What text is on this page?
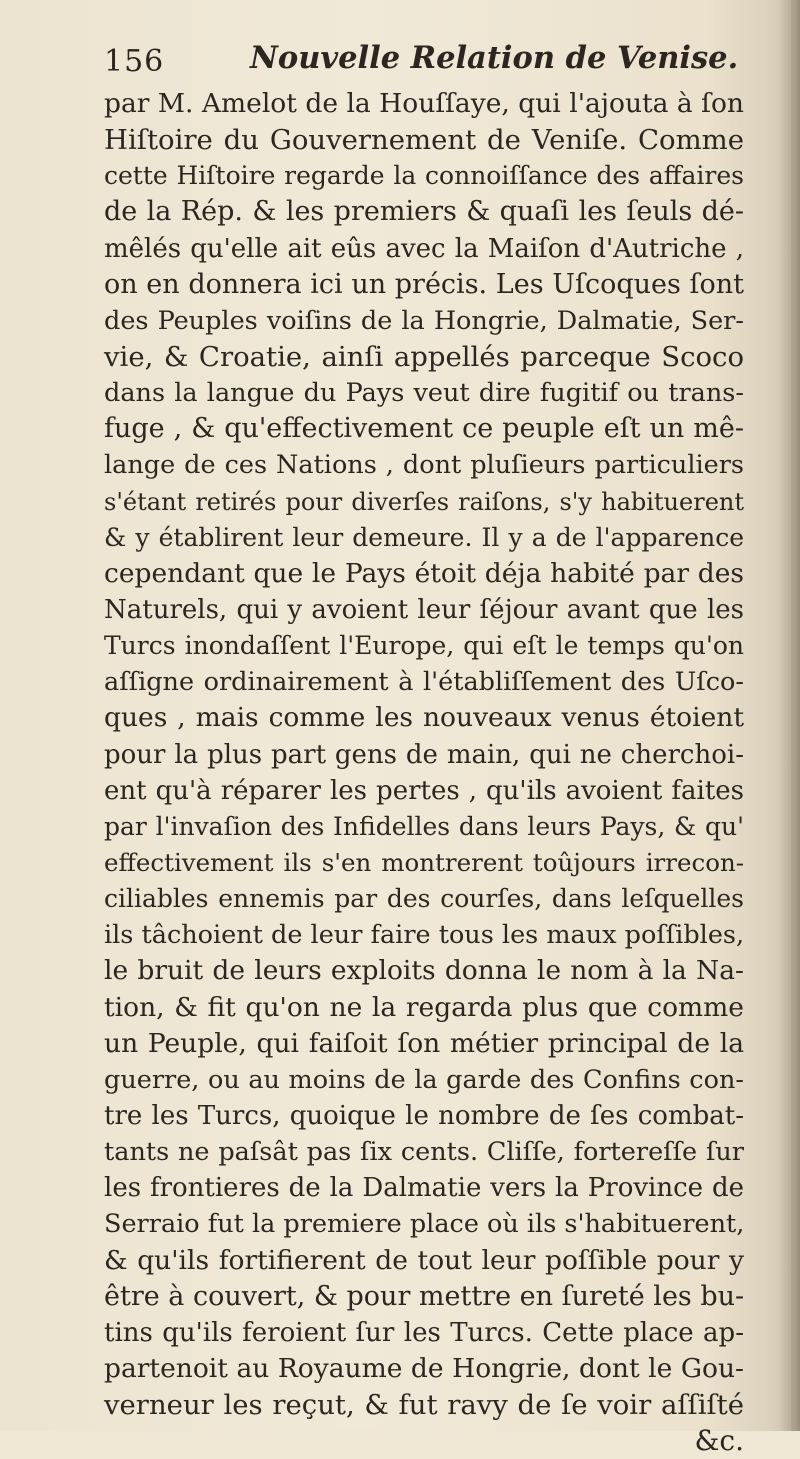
156	Nouvelle Relation de Venise.
par M. Amelot de la Houſſaye, qui l'ajouta à ſon
Hiſtoire du Gouvernement de Veniſe. Comme
cette Hiſtoire regarde la connoiſſance des affaires
de la Rép. & les premiers & quaſi les ſeuls dé-
mêlés qu'elle ait eûs avec la Maiſon d'Autriche ,
on en donnera ici un précis. Les Uſcoques ſont
des Peuples voiſins de la Hongrie, Dalmatie, Ser-
vie, & Croatie, ainſi appellés parceque Scoco
dans la langue du Pays veut dire fugitif ou trans-
fuge , & qu'effectivement ce peuple eſt un mê-
lange de ces Nations , dont pluſieurs particuliers
s'étant retirés pour diverſes raiſons, s'y habituerent
& y établirent leur demeure. Il y a de l'apparence
cependant que le Pays étoit déja habité par des
Naturels, qui y avoient leur ſéjour avant que les
Turcs inondaſſent l'Europe, qui eſt le temps qu'on
aſſigne ordinairement à l'établiſſement des Uſco-
ques , mais comme les nouveaux venus étoient
pour la plus part gens de main, qui ne cherchoi-
ent qu'à réparer les pertes , qu'ils avoient faites
par l'invaſion des Infidelles dans leurs Pays, & qu'
effectivement ils s'en montrerent toûjours irrecon-
ciliables ennemis par des courſes, dans leſquelles
ils tâchoient de leur faire tous les maux poſſibles,
le bruit de leurs exploits donna le nom à la Na-
tion, & fit qu'on ne la regarda plus que comme
un Peuple, qui faiſoit ſon métier principal de la
guerre, ou au moins de la garde des Confins con-
tre les Turcs, quoique le nombre de ſes combat-
tants ne paſsât pas ſix cents. Cliſſe, fortereſſe ſur
les frontieres de la Dalmatie vers la Province de
Serraio fut la premiere place où ils s'habituerent,
& qu'ils fortifierent de tout leur poſſible pour y
être à couvert, & pour mettre en ſureté les bu-
tins qu'ils feroient ſur les Turcs. Cette place ap-
partenoit au Royaume de Hongrie, dont le Gou-
verneur les reçut, & fut ravy de ſe voir aſſiſté
&c.
